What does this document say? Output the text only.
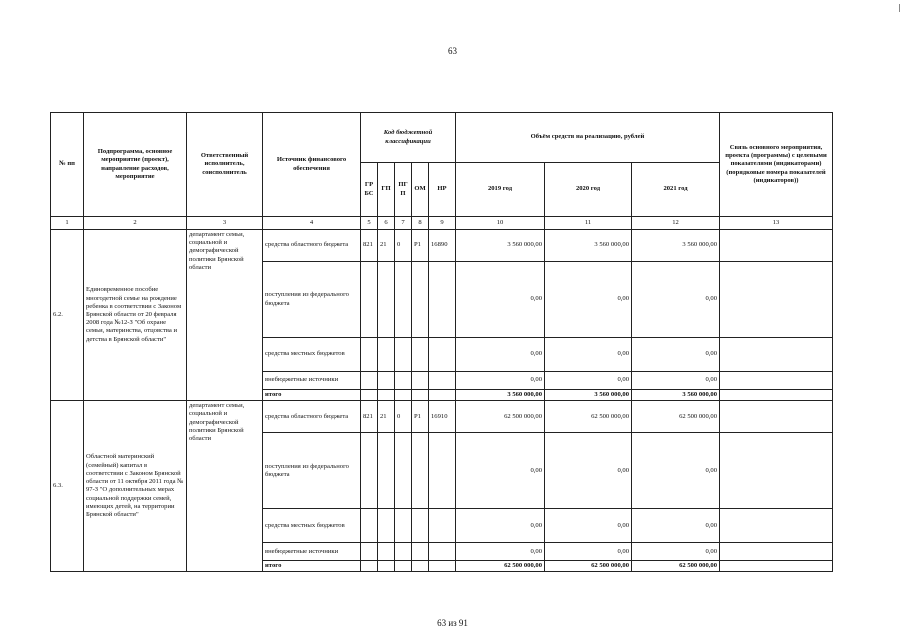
63
№ пп	Подпрограмма, основное мероприятие (проект), направление расходов, мероприятие	Ответственный исполнитель, соисполнитель	Источник финансового обеспечения	Код бюджетной классификации					Объём средств на реализацию, рублей			Связь основного мероприятия, проекта (программы) с целевыми показателями (индикаторами) (порядковые номера показателей (индикаторов))
				ГРБС	ГП	ПГП	ОМ	НР	2019 год	2020 год	2021 год	
1	2	3	4	5	6	7	8	9	10	11	12	13
6.2.	Единовременное пособие многодетной семье на рождение ребенка в соответствии с Законом Брянской области от 20 февраля 2008 года №12-З "Об охране семьи, материнства, отцовства и детства в Брянской области"	департамент семьи, социальной и демографической политики Брянской области	средства областного бюджета	821	21	0	P1	16890	3 560 000,00	3 560 000,00	3 560 000,00	
			поступления из федерального бюджета						0,00	0,00	0,00	
			средства местных бюджетов						0,00	0,00	0,00	
			внебюджетные источники						0,00	0,00	0,00	
			итого						3 560 000,00	3 560 000,00	3 560 000,00	
6.3.	Областной материнский (семейный) капитал в соответствии с Законом Брянской области от 11 октября 2011 года № 97-З "О дополнительных мерах социальной поддержки семей, имеющих детей, на территории Брянской области"	департамент семьи, социальной и демографической политики Брянской области	средства областного бюджета	821	21	0	P1	16910	62 500 000,00	62 500 000,00	62 500 000,00	
			поступления из федерального бюджета						0,00	0,00	0,00	
			средства местных бюджетов						0,00	0,00	0,00	
			внебюджетные источники						0,00	0,00	0,00	
			итого						62 500 000,00	62 500 000,00	62 500 000,00	
63 из 91
